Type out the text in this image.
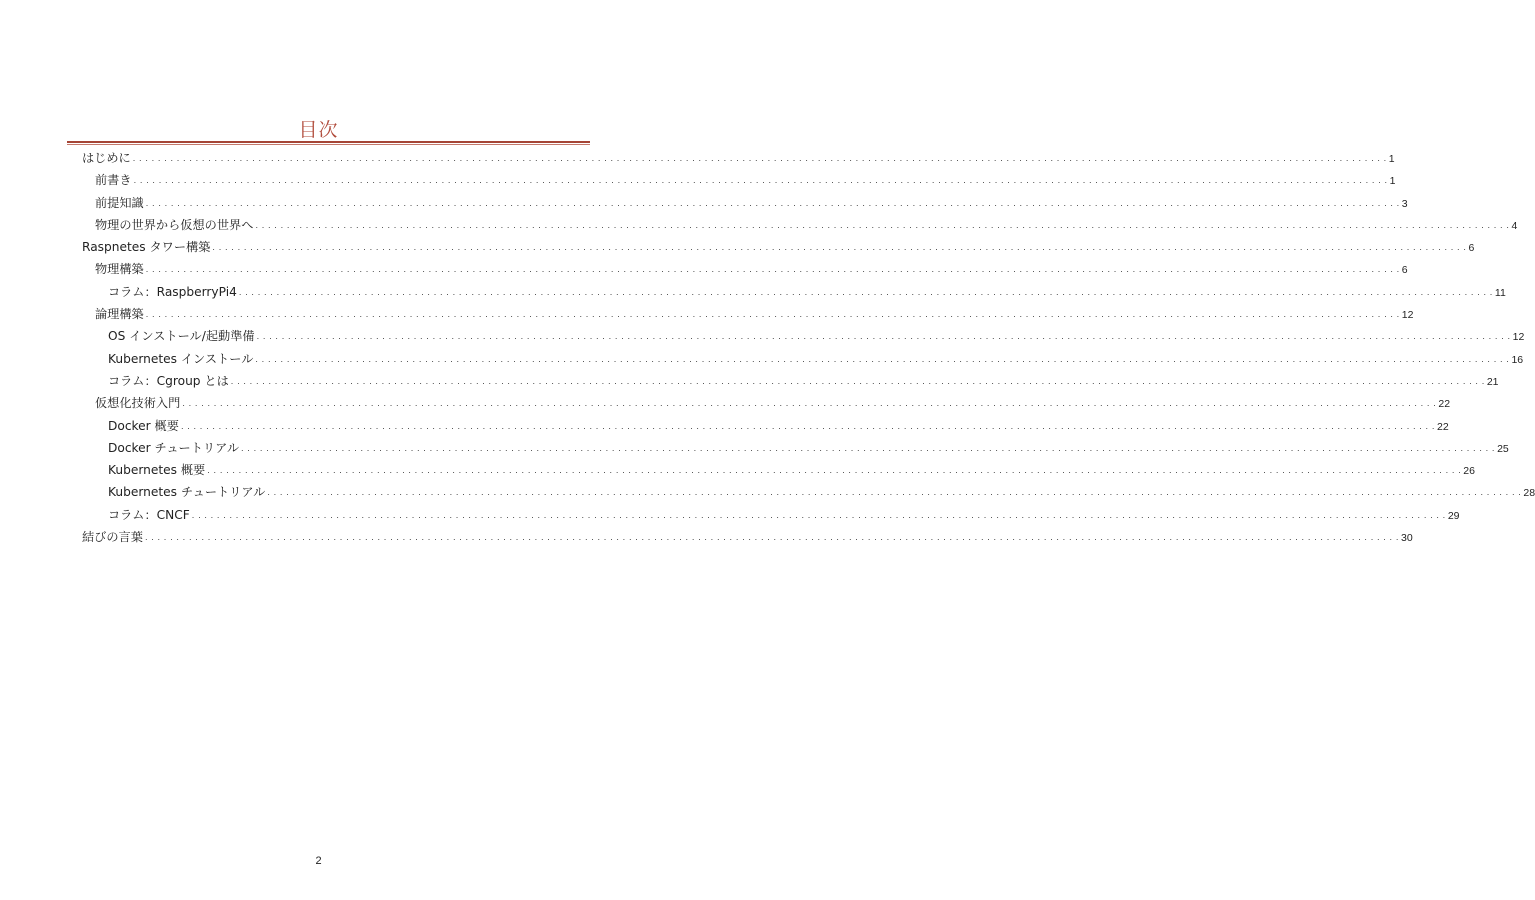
目次
はじめに . . . . . . . . . . . . . . . . . . . . . . . . . . . . . . . . . . . . . . . . . . . . . . . . . . . . . . . . . . . . . . . . . . . . . . . . . . . . . . . . . . . . . . . . . . . . . . . . . . . . . . . . . . . . . . . . . . . . . . . . . . . . . . . . . . . . . . . . . . . . . . . . . . . . . . . . . . . . . . . . . . . . . . . . . . . . . . . . . . . . . . . . . . . . . . . . . . . . . . . . 1
前書き . . . . . . . . . . . . . . . . . . . . . . . . . . . . . . . . . . . . . . . . . . . . . . . . . . . . . . . . . . . . . . . . . . . . . . . . . . . . . . . . . . . . . . . . . . . . . . . . . . . . . . . . . . . . . . . . . . . . . . . . . . . . . . . . . . . . . . . . . . . . . . . . . . . . . . . . . . . . . . . . . . . . . . . . . . . . . . . . . . . . . . . . . . . . . . . . . . . . . . . . 1
前提知識 . . . . . . . . . . . . . . . . . . . . . . . . . . . . . . . . . . . . . . . . . . . . . . . . . . . . . . . . . . . . . . . . . . . . . . . . . . . . . . . . . . . . . . . . . . . . . . . . . . . . . . . . . . . . . . . . . . . . . . . . . . . . . . . . . . . . . . . . . . . . . . . . . . . . . . . . . . . . . . . . . . . . . . . . . . . . . . . . . . . . . . . . . . . . . . . . . . . . . . . . 3
物理の世界から仮想の世界へ . . . . . . . . . . . . . . . . . . . . . . . . . . . . . . . . . . . . . . . . . . . . . . . . . . . . . . . . . . . . . . . . . . . . . . . . . . . . . . . . . . . . . . . . . . . . . . . . . . . . . . . . . . . . . . . . . . . . . . . . . . . . . . . . . . . . . . . . . . . . . . . . . . . . . . . . . . . . . . . . . . . . . . . . . . . . . . . . . . . . . . . . . . . . . . . . . . . . . . . . 4
Raspnetes タワー構築 . . . . . . . . . . . . . . . . . . . . . . . . . . . . . . . . . . . . . . . . . . . . . . . . . . . . . . . . . . . . . . . . . . . . . . . . . . . . . . . . . . . . . . . . . . . . . . . . . . . . . . . . . . . . . . . . . . . . . . . . . . . . . . . . . . . . . . . . . . . . . . . . . . . . . . . . . . . . . . . . . . . . . . . . . . . . . . . . . . . . . . . . . . . . . . . . . . . . . . . . 6
物理構築 . . . . . . . . . . . . . . . . . . . . . . . . . . . . . . . . . . . . . . . . . . . . . . . . . . . . . . . . . . . . . . . . . . . . . . . . . . . . . . . . . . . . . . . . . . . . . . . . . . . . . . . . . . . . . . . . . . . . . . . . . . . . . . . . . . . . . . . . . . . . . . . . . . . . . . . . . . . . . . . . . . . . . . . . . . . . . . . . . . . . . . . . . . . . . . . . . . . . . . . . 6
コラム：RaspberryPi4 . . . . . . . . . . . . . . . . . . . . . . . . . . . . . . . . . . . . . . . . . . . . . . . . . . . . . . . . . . . . . . . . . . . . . . . . . . . . . . . . . . . . . . . . . . . . . . . . . . . . . . . . . . . . . . . . . . . . . . . . . . . . . . . . . . . . . . . . . . . . . . . . . . . . . . . . . . . . . . . . . . . . . . . . . . . . . . . . . . . . . . . . . . . . . . . . . . . . . . . . 11
論理構築 . . . . . . . . . . . . . . . . . . . . . . . . . . . . . . . . . . . . . . . . . . . . . . . . . . . . . . . . . . . . . . . . . . . . . . . . . . . . . . . . . . . . . . . . . . . . . . . . . . . . . . . . . . . . . . . . . . . . . . . . . . . . . . . . . . . . . . . . . . . . . . . . . . . . . . . . . . . . . . . . . . . . . . . . . . . . . . . . . . . . . . . . . . . . . . . . . . . . . . . . 12
OS インストール/起動準備 . . . . . . . . . . . . . . . . . . . . . . . . . . . . . . . . . . . . . . . . . . . . . . . . . . . . . . . . . . . . . . . . . . . . . . . . . . . . . . . . . . . . . . . . . . . . . . . . . . . . . . . . . . . . . . . . . . . . . . . . . . . . . . . . . . . . . . . . . . . . . . . . . . . . . . . . . . . . . . . . . . . . . . . . . . . . . . . . . . . . . . . . . . . . . . . . . . . . . . . . 12
Kubernetes インストール . . . . . . . . . . . . . . . . . . . . . . . . . . . . . . . . . . . . . . . . . . . . . . . . . . . . . . . . . . . . . . . . . . . . . . . . . . . . . . . . . . . . . . . . . . . . . . . . . . . . . . . . . . . . . . . . . . . . . . . . . . . . . . . . . . . . . . . . . . . . . . . . . . . . . . . . . . . . . . . . . . . . . . . . . . . . . . . . . . . . . . . . . . . . . . . . . . . . . . . . 16
コラム：Cgroup とは . . . . . . . . . . . . . . . . . . . . . . . . . . . . . . . . . . . . . . . . . . . . . . . . . . . . . . . . . . . . . . . . . . . . . . . . . . . . . . . . . . . . . . . . . . . . . . . . . . . . . . . . . . . . . . . . . . . . . . . . . . . . . . . . . . . . . . . . . . . . . . . . . . . . . . . . . . . . . . . . . . . . . . . . . . . . . . . . . . . . . . . . . . . . . . . . . . . . . . . . 21
仮想化技術入門 . . . . . . . . . . . . . . . . . . . . . . . . . . . . . . . . . . . . . . . . . . . . . . . . . . . . . . . . . . . . . . . . . . . . . . . . . . . . . . . . . . . . . . . . . . . . . . . . . . . . . . . . . . . . . . . . . . . . . . . . . . . . . . . . . . . . . . . . . . . . . . . . . . . . . . . . . . . . . . . . . . . . . . . . . . . . . . . . . . . . . . . . . . . . . . . . . . . . . . . . 22
Docker 概要 . . . . . . . . . . . . . . . . . . . . . . . . . . . . . . . . . . . . . . . . . . . . . . . . . . . . . . . . . . . . . . . . . . . . . . . . . . . . . . . . . . . . . . . . . . . . . . . . . . . . . . . . . . . . . . . . . . . . . . . . . . . . . . . . . . . . . . . . . . . . . . . . . . . . . . . . . . . . . . . . . . . . . . . . . . . . . . . . . . . . . . . . . . . . . . . . . . . . . . . . 22
Docker チュートリアル . . . . . . . . . . . . . . . . . . . . . . . . . . . . . . . . . . . . . . . . . . . . . . . . . . . . . . . . . . . . . . . . . . . . . . . . . . . . . . . . . . . . . . . . . . . . . . . . . . . . . . . . . . . . . . . . . . . . . . . . . . . . . . . . . . . . . . . . . . . . . . . . . . . . . . . . . . . . . . . . . . . . . . . . . . . . . . . . . . . . . . . . . . . . . . . . . . . . . . . . 25
Kubernetes 概要 . . . . . . . . . . . . . . . . . . . . . . . . . . . . . . . . . . . . . . . . . . . . . . . . . . . . . . . . . . . . . . . . . . . . . . . . . . . . . . . . . . . . . . . . . . . . . . . . . . . . . . . . . . . . . . . . . . . . . . . . . . . . . . . . . . . . . . . . . . . . . . . . . . . . . . . . . . . . . . . . . . . . . . . . . . . . . . . . . . . . . . . . . . . . . . . . . . . . . . . . 26
Kubernetes チュートリアル . . . . . . . . . . . . . . . . . . . . . . . . . . . . . . . . . . . . . . . . . . . . . . . . . . . . . . . . . . . . . . . . . . . . . . . . . . . . . . . . . . . . . . . . . . . . . . . . . . . . . . . . . . . . . . . . . . . . . . . . . . . . . . . . . . . . . . . . . . . . . . . . . . . . . . . . . . . . . . . . . . . . . . . . . . . . . . . . . . . . . . . . . . . . . . . . . . . . . . . . 28
コラム：CNCF . . . . . . . . . . . . . . . . . . . . . . . . . . . . . . . . . . . . . . . . . . . . . . . . . . . . . . . . . . . . . . . . . . . . . . . . . . . . . . . . . . . . . . . . . . . . . . . . . . . . . . . . . . . . . . . . . . . . . . . . . . . . . . . . . . . . . . . . . . . . . . . . . . . . . . . . . . . . . . . . . . . . . . . . . . . . . . . . . . . . . . . . . . . . . . . . . . . . . . . . 29
結びの言葉 . . . . . . . . . . . . . . . . . . . . . . . . . . . . . . . . . . . . . . . . . . . . . . . . . . . . . . . . . . . . . . . . . . . . . . . . . . . . . . . . . . . . . . . . . . . . . . . . . . . . . . . . . . . . . . . . . . . . . . . . . . . . . . . . . . . . . . . . . . . . . . . . . . . . . . . . . . . . . . . . . . . . . . . . . . . . . . . . . . . . . . . . . . . . . . . . . . . . . . . . 30
2
